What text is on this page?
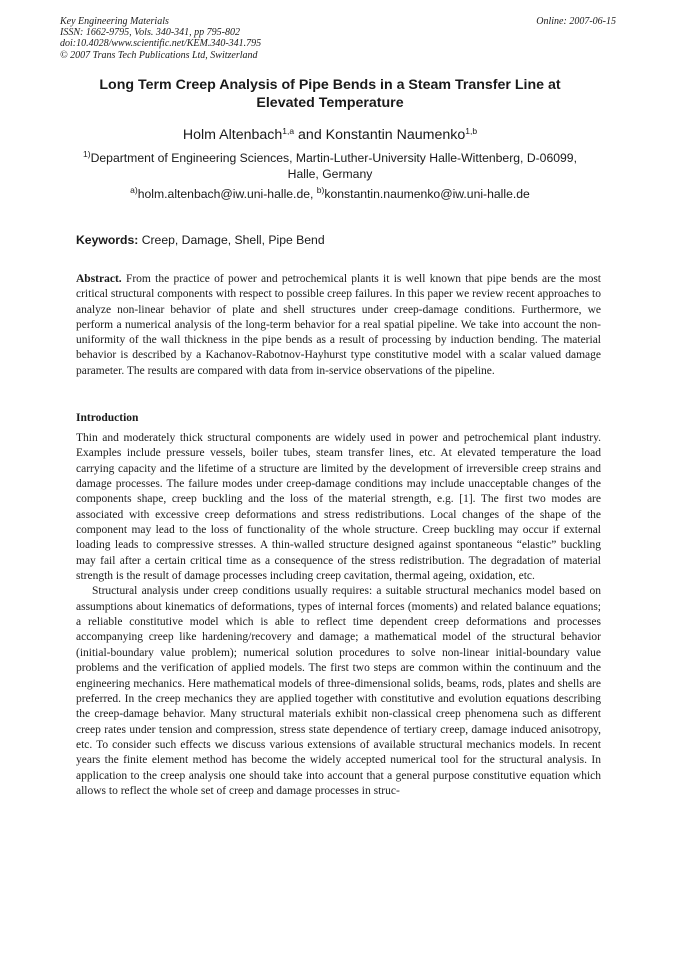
Key Engineering Materials
ISSN: 1662-9795, Vols. 340-341, pp 795-802
doi:10.4028/www.scientific.net/KEM.340-341.795
© 2007 Trans Tech Publications Ltd, Switzerland
Online: 2007-06-15
Long Term Creep Analysis of Pipe Bends in a Steam Transfer Line at Elevated Temperature
Holm Altenbach$^{1,a}$ and Konstantin Naumenko$^{1,b}$
$^{1)}$Department of Engineering Sciences, Martin-Luther-University Halle-Wittenberg, D-06099, Halle, Germany
$^{a)}$holm.altenbach@iw.uni-halle.de, $^{b)}$konstantin.naumenko@iw.uni-halle.de
Keywords: Creep, Damage, Shell, Pipe Bend
Abstract. From the practice of power and petrochemical plants it is well known that pipe bends are the most critical structural components with respect to possible creep failures. In this paper we review recent approaches to analyze non-linear behavior of plate and shell structures under creep-damage conditions. Furthermore, we perform a numerical analysis of the long-term behavior for a real spatial pipeline. We take into account the non-uniformity of the wall thickness in the pipe bends as a result of processing by induction bending. The material behavior is described by a Kachanov-Rabotnov-Hayhurst type constitutive model with a scalar valued damage parameter. The results are compared with data from in-service observations of the pipeline.
Introduction

Thin and moderately thick structural components are widely used in power and petrochemical plant industry. Examples include pressure vessels, boiler tubes, steam transfer lines, etc. At elevated temperature the load carrying capacity and the lifetime of a structure are limited by the development of irreversible creep strains and damage processes. The failure modes under creep-damage conditions may include unacceptable changes of the components shape, creep buckling and the loss of the material strength, e.g. [1]. The first two modes are associated with excessive creep deformations and stress redistributions. Local changes of the shape of the component may lead to the loss of functionality of the whole structure. Creep buckling may occur if external loading leads to compressive stresses. A thin-walled structure designed against spontaneous “elastic” buckling may fail after a certain critical time as a consequence of the stress redistribution. The degradation of material strength is the result of damage processes including creep cavitation, thermal ageing, oxidation, etc.

Structural analysis under creep conditions usually requires: a suitable structural mechanics model based on assumptions about kinematics of deformations, types of internal forces (moments) and related balance equations; a reliable constitutive model which is able to reflect time dependent creep deformations and processes accompanying creep like hardening/recovery and damage; a mathematical model of the structural behavior (initial-boundary value problem); numerical solution procedures to solve non-linear initial-boundary value problems and the verification of applied models. The first two steps are common within the continuum and the engineering mechanics. Here mathematical models of three-dimensional solids, beams, rods, plates and shells are preferred. In the creep mechanics they are applied together with constitutive and evolution equations describing the creep-damage behavior. Many structural materials exhibit non-classical creep phenomena such as different creep rates under tension and compression, stress state dependence of tertiary creep, damage induced anisotropy, etc. To consider such effects we discuss various extensions of available structural mechanics models. In recent years the finite element method has become the widely accepted numerical tool for the structural analysis. In application to the creep analysis one should take into account that a general purpose constitutive equation which allows to reflect the whole set of creep and damage processes in struc-
